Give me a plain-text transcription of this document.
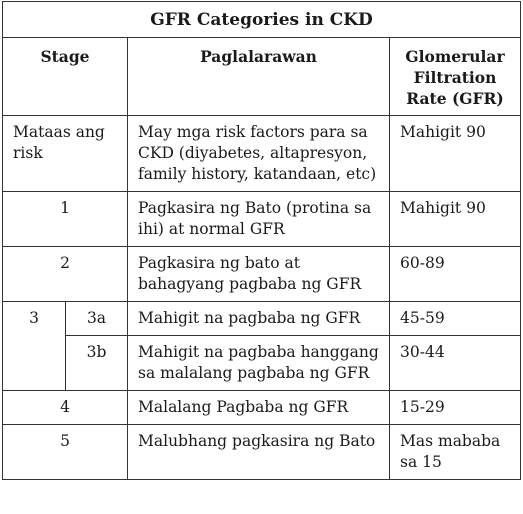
GFR Categories in CKD			
Stage		Paglalarawan	Glomerular Filtration Rate (GFR)
Mataas ang risk		May mga risk factors para sa CKD (diyabetes, altapresyon, family history, katandaan, etc)	Mahigit 90
1		Pagkasira ng Bato (protina sa ihi) at normal GFR	Mahigit 90
2		Pagkasira ng bato at bahagyang pagbaba ng GFR	60-89
3	3a	Mahigit na pagbaba ng GFR	45-59
	3b	Mahigit na pagbaba hanggang sa malalang pagbaba ng GFR	30-44
4		Malalang Pagbaba ng GFR	15-29
5		Malubhang pagkasira ng Bato	Mas mababa sa 15
